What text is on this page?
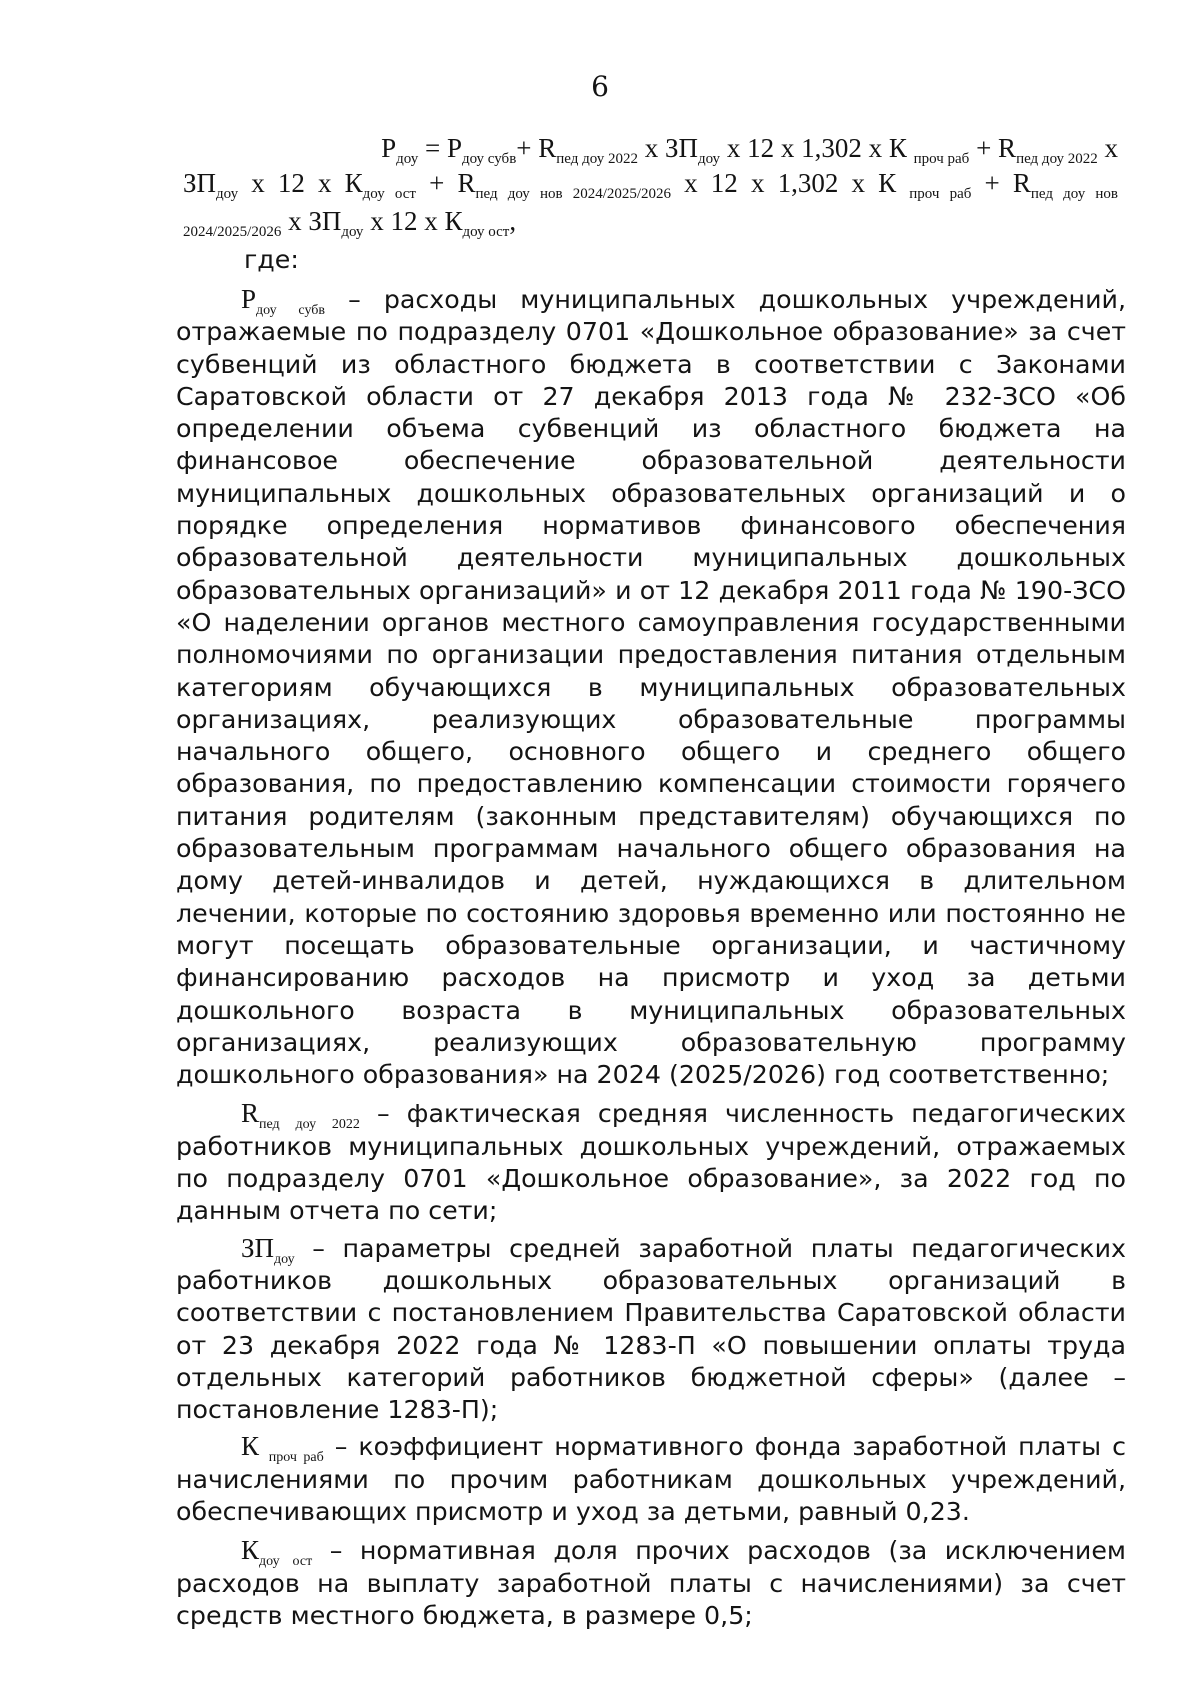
6
$P_{доу} = P_{доу субв}+ R_{пед доу 2022}$ х $ЗП_{доу}$ х 12 х 1,302 х К $_{проч раб} + R_{пед доу 2022}$ х
$ЗП_{доу}$ х 12 х $К_{доу ост} + R_{пед доу нов 2024/2025/2026}$ х 12 х 1,302 х К $_{проч раб} + R_{пед доу нов}$
$_{2024/2025/2026}$ х $ЗП_{доу}$ х 12 х $К_{доу ост}$,
где:

$Р_{доу}$ $_{субв}$ – расходы муниципальных дошкольных учреждений, отражаемые по подразделу 0701 «Дошкольное образование» за счет субвенций из областного бюджета в соответствии с Законами Саратовской области от 27 декабря 2013 года № 232-ЗСО «Об определении объема субвенций из областного бюджета на финансовое обеспечение образовательной деятельности муниципальных дошкольных образовательных организаций и о порядке определения нормативов финансового обеспечения образовательной деятельности муниципальных дошкольных образовательных организаций» и от 12 декабря 2011 года № 190-ЗСО «О наделении органов местного самоуправления государственными полномочиями по организации предоставления питания отдельным категориям обучающихся в муниципальных образовательных организациях, реализующих образовательные программы начального общего, основного общего и среднего общего образования, по предоставлению компенсации стоимости горячего питания родителям (законным представителям) обучающихся по образовательным программам начального общего образования на дому детей-инвалидов и детей, нуждающихся в длительном лечении, которые по состоянию здоровья временно или постоянно не могут посещать образовательные организации, и частичному финансированию расходов на присмотр и уход за детьми дошкольного возраста в муниципальных образовательных организациях, реализующих образовательную программу дошкольного образования» на 2024 (2025/2026) год соответственно;

$R_{пед}$ $_{доу}$ $_{2022}$ – фактическая средняя численность педагогических работников муниципальных дошкольных учреждений, отражаемых по подразделу 0701 «Дошкольное образование», за 2022 год по данным отчета по сети;

$ЗП_{доу}$ – параметры средней заработной платы педагогических работников дошкольных образовательных организаций в соответствии с постановлением Правительства Саратовской области от 23 декабря 2022 года № 1283-П «О повышении оплаты труда отдельных категорий работников бюджетной сферы» (далее – постановление 1283-П);

К $_{проч раб}$ – коэффициент нормативного фонда заработной платы с начислениями по прочим работникам дошкольных учреждений, обеспечивающих присмотр и уход за детьми, равный 0,23.

$К_{доу ост}$ – нормативная доля прочих расходов (за исключением расходов на выплату заработной платы с начислениями) за счет средств местного бюджета, в размере 0,5;
